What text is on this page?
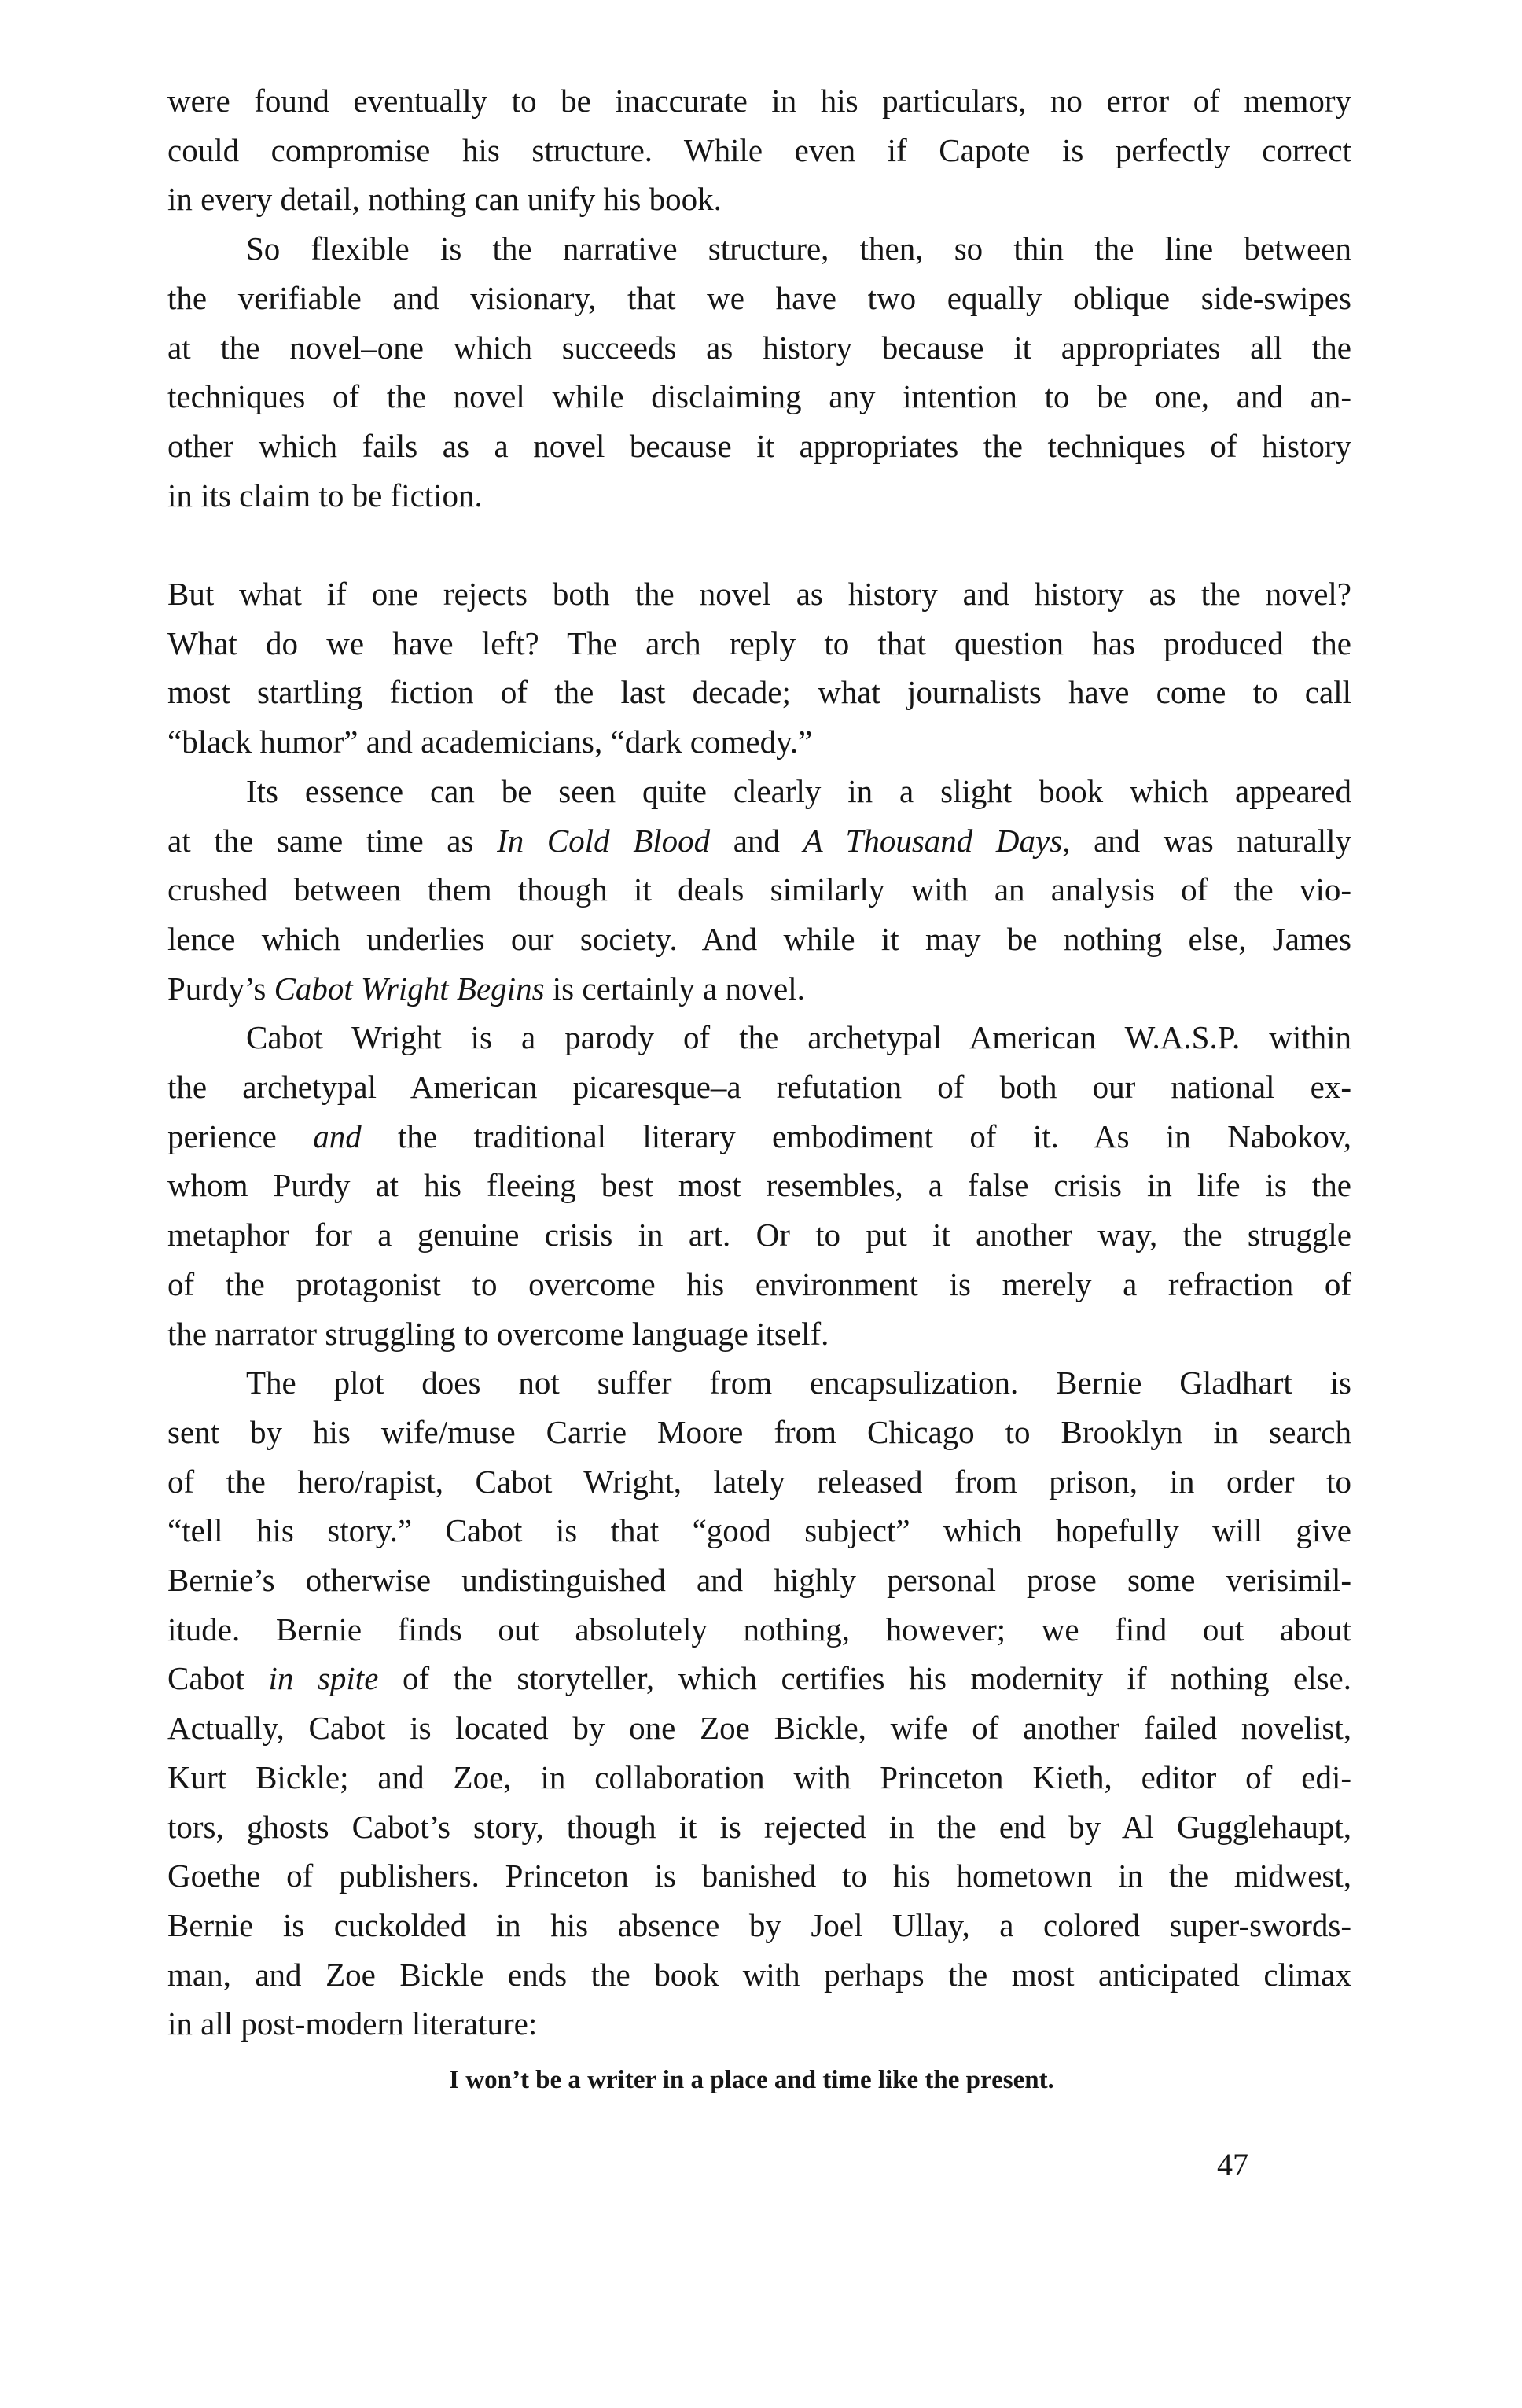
were found eventually to be inaccurate in his particulars, no error of memory
could compromise his structure. While even if Capote is perfectly correct
in every detail, nothing can unify his book.
So flexible is the narrative structure, then, so thin the line between
the verifiable and visionary, that we have two equally oblique side-swipes
at the novel–one which succeeds as history because it appropriates all the
techniques of the novel while disclaiming any intention to be one, and an-
other which fails as a novel because it appropriates the techniques of history
in its claim to be fiction.
But what if one rejects both the novel as history and history as the novel?
What do we have left? The arch reply to that question has produced the
most startling fiction of the last decade; what journalists have come to call
“black humor” and academicians, “dark comedy.”
Its essence can be seen quite clearly in a slight book which appeared
at the same time as In Cold Blood and A Thousand Days, and was naturally
crushed between them though it deals similarly with an analysis of the vio-
lence which underlies our society. And while it may be nothing else, James
Purdy’s Cabot Wright Begins is certainly a novel.
Cabot Wright is a parody of the archetypal American W.A.S.P. within
the archetypal American picaresque–a refutation of both our national ex-
perience and the traditional literary embodiment of it. As in Nabokov,
whom Purdy at his fleeing best most resembles, a false crisis in life is the
metaphor for a genuine crisis in art. Or to put it another way, the struggle
of the protagonist to overcome his environment is merely a refraction of
the narrator struggling to overcome language itself.
The plot does not suffer from encapsulization. Bernie Gladhart is
sent by his wife/muse Carrie Moore from Chicago to Brooklyn in search
of the hero/rapist, Cabot Wright, lately released from prison, in order to
“tell his story.” Cabot is that “good subject” which hopefully will give
Bernie’s otherwise undistinguished and highly personal prose some verisimil-
itude. Bernie finds out absolutely nothing, however; we find out about
Cabot in spite of the storyteller, which certifies his modernity if nothing else.
Actually, Cabot is located by one Zoe Bickle, wife of another failed novelist,
Kurt Bickle; and Zoe, in collaboration with Princeton Kieth, editor of edi-
tors, ghosts Cabot’s story, though it is rejected in the end by Al Gugglehaupt,
Goethe of publishers. Princeton is banished to his hometown in the midwest,
Bernie is cuckolded in his absence by Joel Ullay, a colored super-swords-
man, and Zoe Bickle ends the book with perhaps the most anticipated climax
in all post-modern literature:
I won’t be a writer in a place and time like the present.
47
